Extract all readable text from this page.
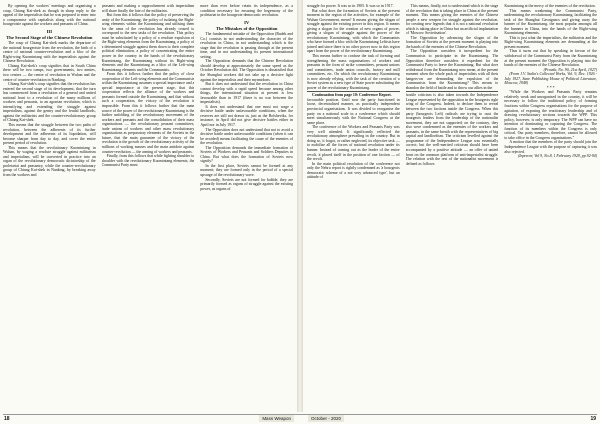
By opening the workers' meetings and organising a coup, Chiang Kai-shek as though in sharp reply to the appeal of the imperialists that he was prepared to enter into a compromise with capitalists along with the national bourgeoisie against the workers and peasants of China.

III
The Second Stage of the Chinese Revolution

The coup of Chiang Kai-shek marks the departure of the national bourgeoisie from the revolution, the birth of a centre of national counter-revolution and a bloc of the Right-wing Kuomintang with the imperialists against the Chinese Revolution.

Chiang Kai-shek's coup signifies that in South China there will be two camps, two governments, two armies, two centres — the centre of revolution in Wuhan and the centre of counter-revolution in Nanking.

Chiang Kai-shek's coup signifies that the revolution has entered the second stage of its development, that the turn has commenced from a revolution of a general and united national front to a revolution of the many millions of workers and peasants, to an agrarian revolution, which is intensifying and extending the struggle against imperialism, against the gentry and the feudal landlords, against the militarists and the counter-revolutionary group of Chiang Kai-shek.

This means that the struggle between the two paths of revolution, between the adherents of its further development and the adherents of its liquidation, will become sharper from day to day, and cover the entire present period of revolution.

This means that the revolutionary Kuomintang in Wuhan, by waging a resolute struggle against militarism and imperialism, will be converted in practice into an organ of the revolutionary democratic dictatorship of the proletariat and peasantry, while the counter-revolutionary group of Chiang Kai-shek in Nanking, by breaking away from the workers and

peasants and making a rapprochement with imperialism will share finally the fate of the militarists.

But from this it follows that the policy of preserving the unity of the Kuomintang, the policy of isolating the Right-wing elements within the Kuomintang and utilising them for the aims of the revolution has already ceased to correspond to the new tasks of the revolution. This policy must be substituted by a policy of a resolute expulsion of the Right-wing elements from the Kuomintang, a policy of a determined struggle against them down to their complete political elimination, a policy of concentrating the entire power in the country in the hands of the revolutionary Kuomintang, the Kuomintang without its Right-wing elements and the Kuomintang as a bloc of the Left-wing Kuomintang elements and the Communists.

From this it follows further that the policy of close cooperation of the Left-wing elements and the Communists within the Kuomintang assumes a special importance and a special importance at the present stage, that this cooperation reflects the alliance of the workers and peasants formed outside the Kuomintang, and that without such a cooperation, the victory of the revolution is impossible. From this it follows further that the main source of the power of the revolutionary Kuomintang is the further unfolding of the revolutionary movement of the workers and peasants and the consolidation of their mass organisations — the revolutionary peasant committees, trade unions of workers and other mass revolutionary organisations as preparatory elements of the Soviets in the future, that the main guarantee of the victory of the revolution is the growth of the revolutionary activity of the millions of working masses and the main antidote against counter-revolution — the arming of workers and peasants.

Finally, from this follows that while fighting shoulder to shoulder with the revolutionary Kuomintang elements, the Communist Party must

more than ever before retain its independence, as a condition necessary for ensuring the hegemony of the proletariat in the bourgeois-democratic revolution.

IV
The Mistakes of the Opposition

The fundamental mistake of the Opposition (Radek and Co.) consists in not understanding the character of the revolution in China, in not understanding which is the stage that the revolution is passing through at the present time, and in not understanding its present international setting.

The Opposition demands that the Chinese Revolution should develop at approximately the same speed as the October Revolution did. The Opposition is dissatisfied that the Shanghai workers did not take up a decisive fight against the imperialists and their myrmidons.

But it does not understand that the revolution in China cannot develop with a rapid speed because among other things, the international situation at present is less favourable than in 1917 (there is no war between the imperialists).

It does not understand that one must not wage a decisive battle under unfavourable conditions, when the reserves are still not drawn in, just as the Bolsheviks, for instance, in April did not give decisive battles either in April nor in July 1917.

The Opposition does not understand that not to avoid a decisive battle under unfavourable conditions (when it can be avoided) means facilitating the cause of the enemies of the revolution.

The Opposition demands the immediate formation of Soviets of Workers and Peasants and Soldiers Deputies in China. But what does the formation of Soviets now signify?

In the first place, Soviets cannot be formed at any moment; they are formed only in the period of a special upsurge of the revolutionary wave.

Secondly, Soviets are not formed for babble, they are primarily formed as organs of struggle against the existing power, as organs of

struggle for power. It was so in 1905. It was so in 1917.

But what does the formation of Soviets at the present moment in the region of the activities, for example of the Wuhan Government, mean? It means giving the slogan of struggle against the existing power in this region. It means giving a slogan for the creation of new organs of power, giving a slogan of struggle against the power of the revolutionary Kuomintang, with which the Communists who have formed a bloc with the Kuomintang Leftists have joined and since there is no other power now in this region apart from the power of the revolutionary Kuomintang.

This means further to confuse the task of forming and strengthening the mass organisations of workers and peasants in the form of strike committees, peasant unions and committees, trade union councils, factory and mill committees, etc. On which the revolutionary Kuomintang is now already relying, with the task of the creation of a Soviet system as a new type of State power substituting the power of the revolutionary Kuomintang.

Continuation from page 10: Conference Report.

favourable position. Until now the party functioned in loose, decentralised manner, as practically independent provincial organisations. It was divided to reorganise the party on a national scale in a conference which should meet simultaneously with the National Congress at the same place.

The conference of the Workers and Peasants Party was very well attended. It significantly reflected the revolutionary atmosphere prevailing in the country. But in doing so, it forgot, or rather neglected, its objective task — to mobilise all the forces of national revolution under its banner. Instead of coming out as the leader of the entire revolt, it placed itself in the position of one faction — of the revolt.

In the main political resolution of the conference not only the Nehru report is rightly condemned as 'a bourgeois democratic scheme of a not very advanced type', but an attitude of

This means, finally, not to understand which is the stage of the revolution that is taking place in China at the present moment. This means giving the enemies of the Chinese people a new weapon for struggle against the revolution, for creating new legends that it is not a national revolution which is taking place in China but an artificial implantation of 'Moscow Sovietisation'.

The Opposition by advancing the slogan of the formation of Soviets at the present moment is playing into the hands of the enemies of the Chinese Revolution.

The Opposition considers it inexpedient for the Communists to participate in the Kuomintang. The Opposition therefore considers it expedient for the Communist Party to leave the Kuomintang. But what does withdrawal from the Kuomintang now mean, at the present moment when the whole pack of imperialists with all their hangers-on are demanding the expulsion of the Communists from the Kuomintang? This means to abandon the field of battle and to throw our allies in the

hostile criticism is also taken towards the Independence League represented by the opposition in the bourgeois right wing of the Congress. Indeed, to declare them to reveal between the two factions inside the Congress. When this party (bourgeois Left) radicals are trying to oust the bourgeois leaders from the leadership of the nationalist movement, they are not supported; on the contrary, they also were condemned as the enemies of the workers and peasants, in the same breath with the representatives of big capital and landlordism. The criticism levelled against the programme of the Independence League was essentially correct; but the well-merited criticism should have been accompanied by a positive attitude — an offer of united front on the common platform of anti-imperialist struggle. The relation with the rest of the nationalist movement is defined as follows:

Kuomintang at the mercy of the enemies of the revolution.

This means weakening the Communist Party, undermining the revolutionary Kuomintang, facilitating the task of the Shanghai Cavaignacs and giving away the banner of the Kuomintang, the most popular amongst all the banners in China, into the hands of the Right-wing Kuomintang elements.

This is just what the imperialists, the militarists and the Right-wing Kuomintang elements are demanding at the present moment.

Thus it turns out that by speaking in favour of the withdrawal of the Communist Party from the Kuomintang at the present moment the Opposition is playing into the hands of the enemies of the Chinese Revolution.

(Pravda, No. 90, 21st April, 1927)

(From J.V. Stalin's Collected Works, Vol. 9, Dec. 1926 - July 1927, State Publishing House of Political Literature, Moscow, 1948)

* * *

"While the Workers and Peasants Party remains relatively weak and unorganised in the country, it will be necessary to follow the traditional policy of forming fractions within Congress organisations for the purpose of agitation, of exposing the reactionary leadership and of drawing revolutionary sections towards the WPP. This policy, however, is only temporary. The WPP can have no intention of dominating or capturing the Congress. The function of its members within the Congress is only critical. Our party members, therefore, cannot be allowed to take office in the Congress organisations."

A motion that the members of the party should join the Independence League with the purpose of capturing it was also rejected.

(Inprecor, Vol 9, No.8, 1 February 1929, pp 92-94)

18	Mass Weapon	October - 2020	19
